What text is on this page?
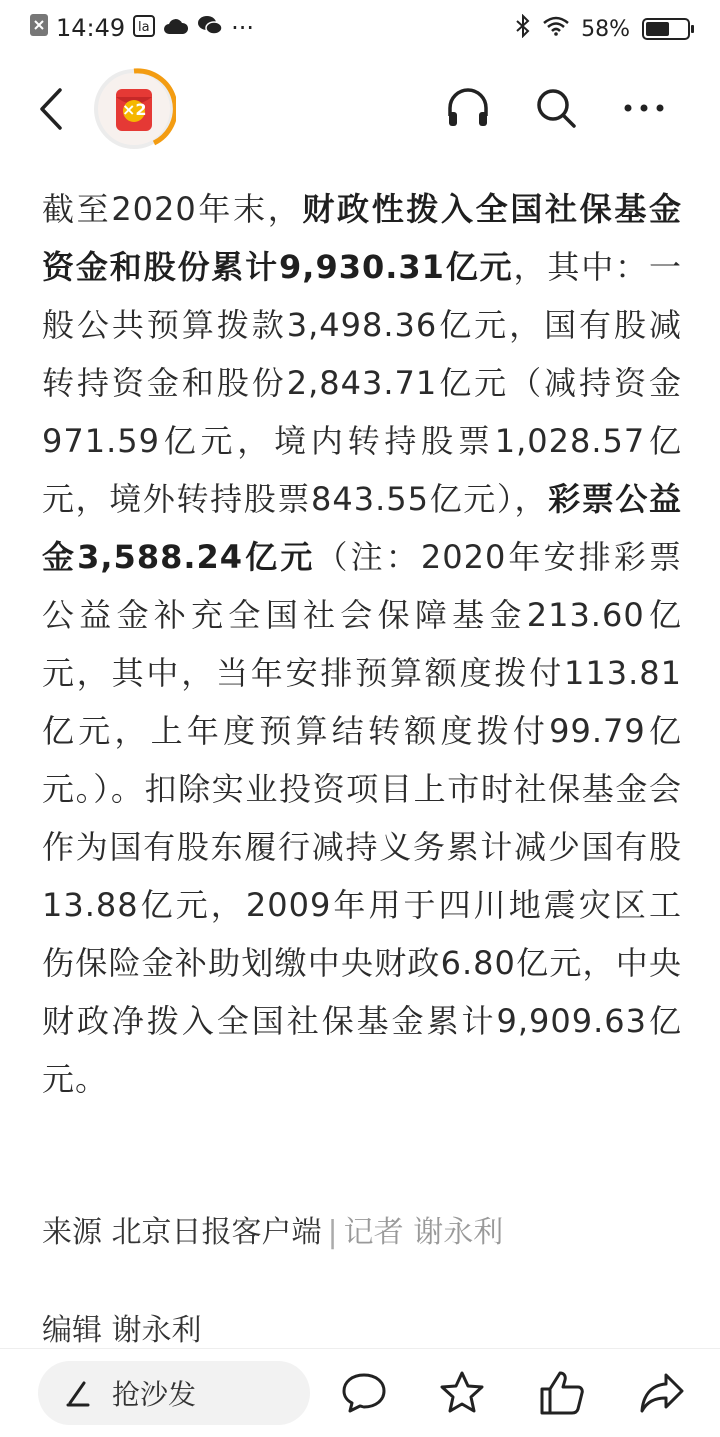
14:49 la	···	58%
×2
截至2020年末，财政性拨入全国社保基金资金和股份累计9,930.31亿元，其中：一般公共预算拨款3,498.36亿元，国有股减转持资金和股份2,843.71亿元（减持资金971.59亿元，境内转持股票1,028.57亿元，境外转持股票843.55亿元），彩票公益金3,588.24亿元（注：2020年安排彩票公益金补充全国社会保障基金213.60亿元，其中，当年安排预算额度拨付113.81亿元，上年度预算结转额度拨付99.79亿元。）。扣除实业投资项目上市时社保基金会作为国有股东履行减持义务累计减少国有股13.88亿元，2009年用于四川地震灾区工伤保险金补助划缴中央财政6.80亿元，中央财政净拨入全国社保基金累计9,909.63亿元。
来源 北京日报客户端 | 记者 谢永利
编辑 谢永利
抢沙发
